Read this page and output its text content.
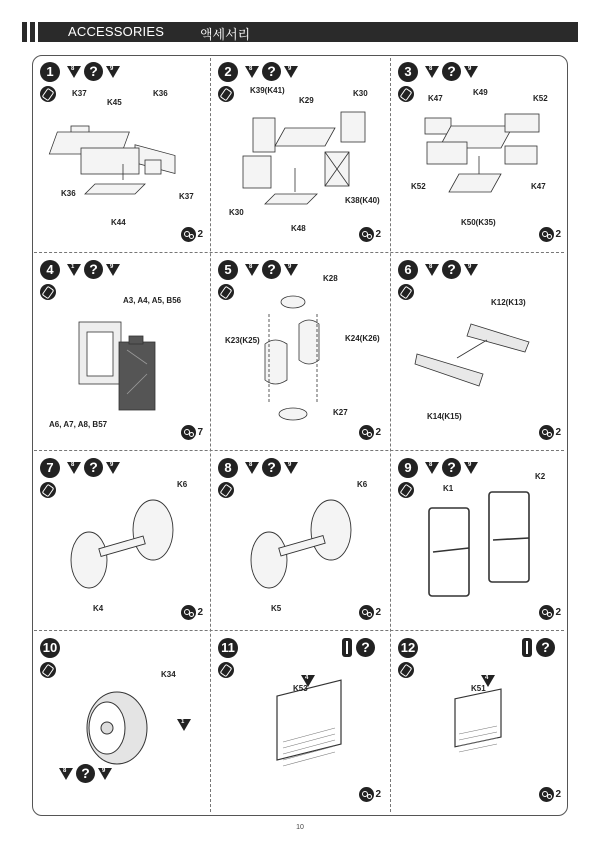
ACCESSORIES	액세서리
1	8 ? 9
K37
K45
K36
K36	K37
K44
2
2	8 ? 9
K39(K41)
K29
K30
K30
K38(K40)
K48
2
3	8 ? 9
K47
K49
K52
K52	K47
K50(K35)
2
4	1 ? 9
A3, A4, A5, B56
A6, A7, A8, B57
7
5	8 ? 9
K28
K23(K25)	K24(K26)
K27
2
6	8 ? 9
K12(K13)
K14(K15)
2
7	8 ? 9
K6
K4	2
8	8 ? 9
K6
K5	2
9	8 ? 9
K1
K2
2
10
K34
1
8 ? 9
11	?
K53
4
2
12	?
K51
4
2
10
